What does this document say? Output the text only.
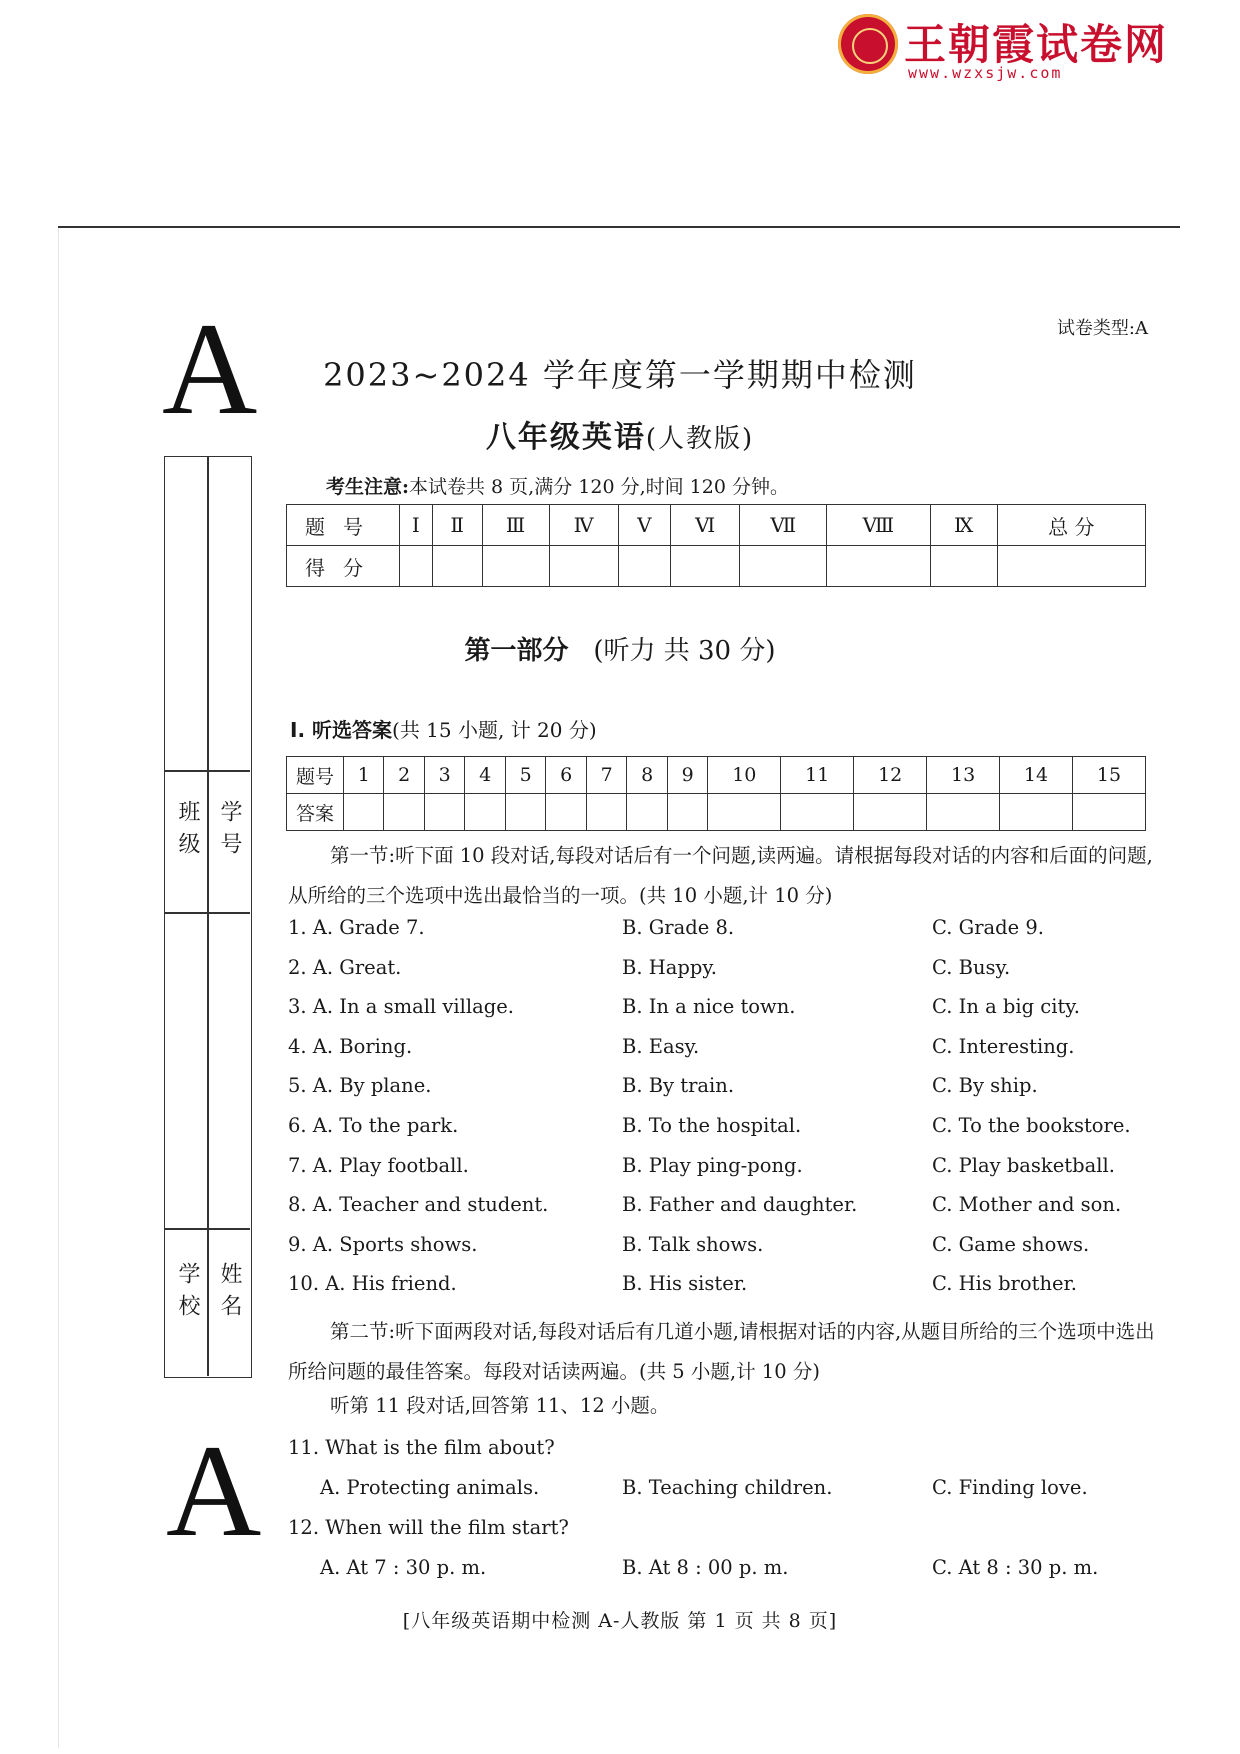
王朝霞试卷网
www.wzxsjw.com
A
A
班级 学号
学校 姓名
试卷类型:A
2023~2024 学年度第一学期期中检测
八年级英语(人教版)
考生注意:本试卷共 8 页,满分 120 分,时间 120 分钟。
题号	Ⅰ	Ⅱ	Ⅲ	Ⅳ	Ⅴ	Ⅵ	Ⅶ	Ⅷ	Ⅸ	总 分
得分										
第一部分 (听力 共 30 分)
Ⅰ. 听选答案(共 15 小题, 计 20 分)
题号	1	2	3	4	5	6	7	8	9	10	11	12	13	14	15
答案															
第一节:听下面 10 段对话,每段对话后有一个问题,读两遍。请根据每段对话的内容和后面的问题,从所给的三个选项中选出最恰当的一项。(共 10 小题,计 10 分)
1. A. Grade 7.	B. Grade 8.	C. Grade 9.
2. A. Great.	B. Happy.	C. Busy.
3. A. In a small village.	B. In a nice town.	C. In a big city.
4. A. Boring.	B. Easy.	C. Interesting.
5. A. By plane.	B. By train.	C. By ship.
6. A. To the park.	B. To the hospital.	C. To the bookstore.
7. A. Play football.	B. Play ping-pong.	C. Play basketball.
8. A. Teacher and student.	B. Father and daughter.	C. Mother and son.
9. A. Sports shows.	B. Talk shows.	C. Game shows.
10. A. His friend.	B. His sister.	C. His brother.
第二节:听下面两段对话,每段对话后有几道小题,请根据对话的内容,从题目所给的三个选项中选出所给问题的最佳答案。每段对话读两遍。(共 5 小题,计 10 分)
听第 11 段对话,回答第 11、12 小题。
11. What is the film about?
A. Protecting animals.	B. Teaching children.	C. Finding love.
12. When will the film start?
A. At 7 : 30 p. m.	B. At 8 : 00 p. m.	C. At 8 : 30 p. m.
[八年级英语期中检测 A-人教版 第 1 页 共 8 页]
